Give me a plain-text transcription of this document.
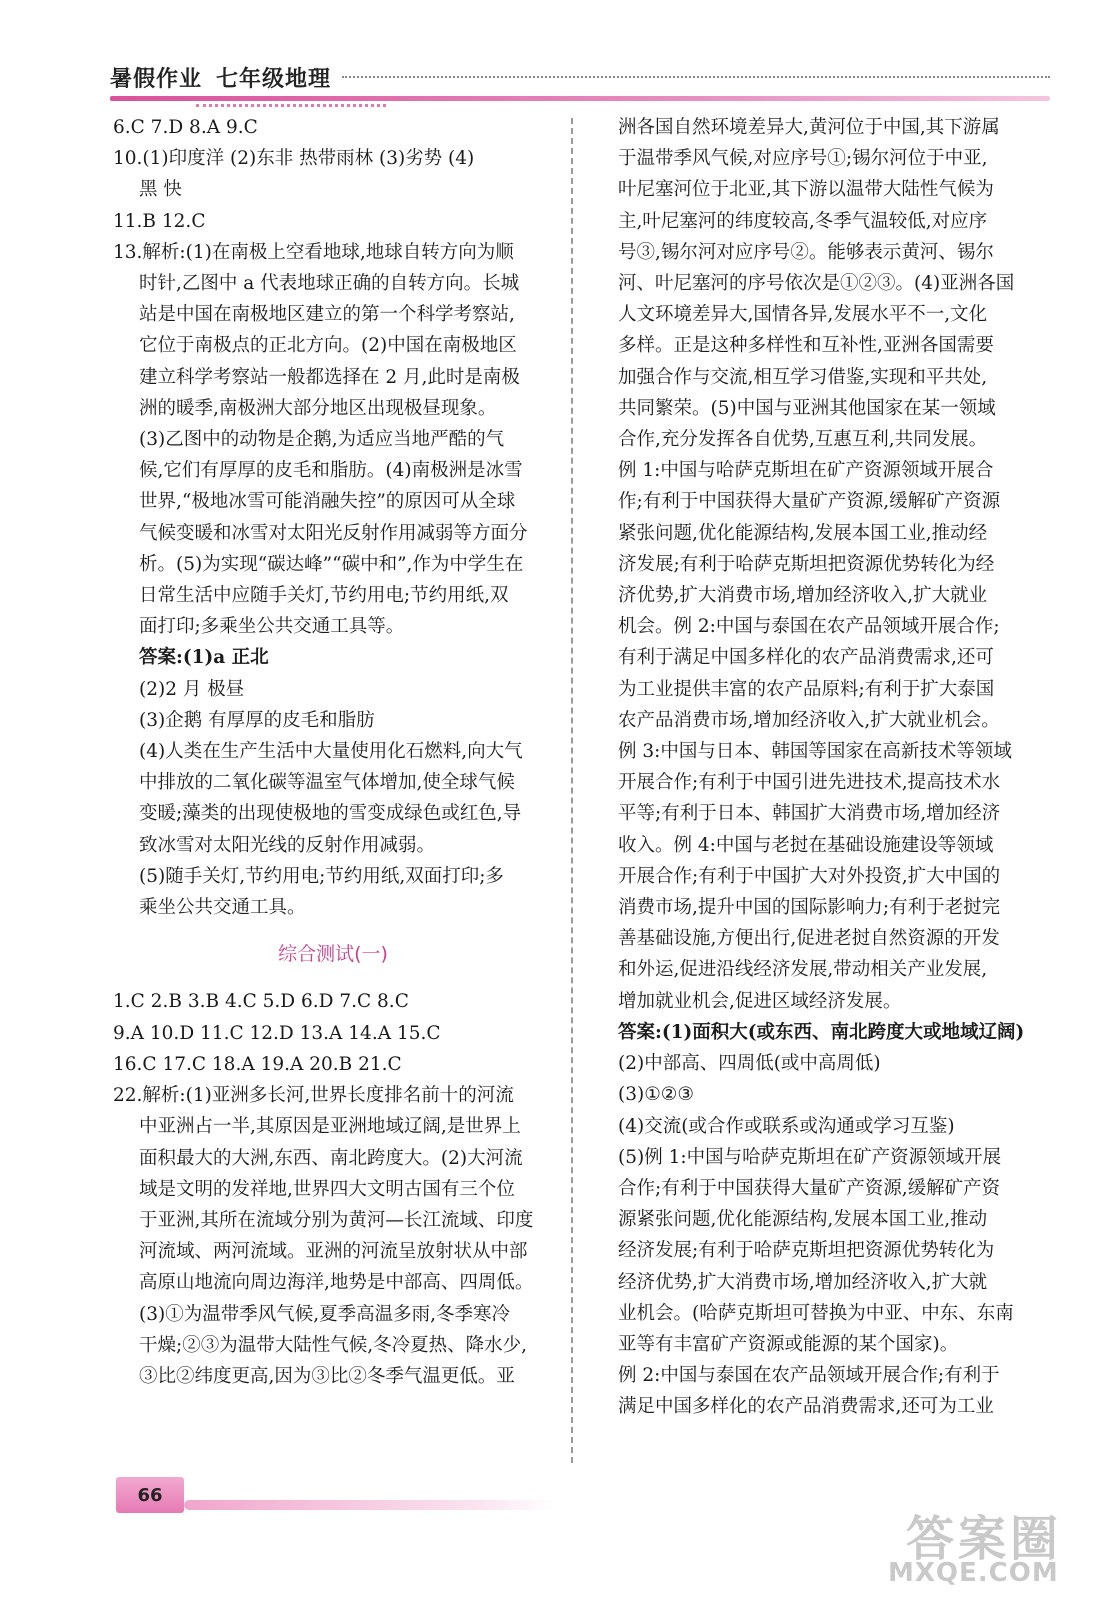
暑假作业 七年级地理
6.C 7.D 8.A 9.C
10.(1)印度洋 (2)东非 热带雨林 (3)劣势 (4)
黑 快
11.B 12.C
13.解析:(1)在南极上空看地球,地球自转方向为顺
时针,乙图中 a 代表地球正确的自转方向。长城
站是中国在南极地区建立的第一个科学考察站,
它位于南极点的正北方向。(2)中国在南极地区
建立科学考察站一般都选择在 2 月,此时是南极
洲的暖季,南极洲大部分地区出现极昼现象。
(3)乙图中的动物是企鹅,为适应当地严酷的气
候,它们有厚厚的皮毛和脂肪。(4)南极洲是冰雪
世界,“极地冰雪可能消融失控”的原因可从全球
气候变暖和冰雪对太阳光反射作用减弱等方面分
析。(5)为实现“碳达峰”“碳中和”,作为中学生在
日常生活中应随手关灯,节约用电;节约用纸,双
面打印;多乘坐公共交通工具等。
答案:(1)a 正北
(2)2 月 极昼
(3)企鹅 有厚厚的皮毛和脂肪
(4)人类在生产生活中大量使用化石燃料,向大气
中排放的二氧化碳等温室气体增加,使全球气候
变暖;藻类的出现使极地的雪变成绿色或红色,导
致冰雪对太阳光线的反射作用减弱。
(5)随手关灯,节约用电;节约用纸,双面打印;多
乘坐公共交通工具。
综合测试(一)
1.C 2.B 3.B 4.C 5.D 6.D 7.C 8.C
9.A 10.D 11.C 12.D 13.A 14.A 15.C
16.C 17.C 18.A 19.A 20.B 21.C
22.解析:(1)亚洲多长河,世界长度排名前十的河流
中亚洲占一半,其原因是亚洲地域辽阔,是世界上
面积最大的大洲,东西、南北跨度大。(2)大河流
域是文明的发祥地,世界四大文明古国有三个位
于亚洲,其所在流域分别为黄河—长江流域、印度
河流域、两河流域。亚洲的河流呈放射状从中部
高原山地流向周边海洋,地势是中部高、四周低。
(3)①为温带季风气候,夏季高温多雨,冬季寒冷
干燥;②③为温带大陆性气候,冬冷夏热、降水少,
③比②纬度更高,因为③比②冬季气温更低。亚
洲各国自然环境差异大,黄河位于中国,其下游属
于温带季风气候,对应序号①;锡尔河位于中亚,
叶尼塞河位于北亚,其下游以温带大陆性气候为
主,叶尼塞河的纬度较高,冬季气温较低,对应序
号③,锡尔河对应序号②。能够表示黄河、锡尔
河、叶尼塞河的序号依次是①②③。(4)亚洲各国
人文环境差异大,国情各异,发展水平不一,文化
多样。正是这种多样性和互补性,亚洲各国需要
加强合作与交流,相互学习借鉴,实现和平共处,
共同繁荣。(5)中国与亚洲其他国家在某一领域
合作,充分发挥各自优势,互惠互利,共同发展。
例 1:中国与哈萨克斯坦在矿产资源领域开展合
作;有利于中国获得大量矿产资源,缓解矿产资源
紧张问题,优化能源结构,发展本国工业,推动经
济发展;有利于哈萨克斯坦把资源优势转化为经
济优势,扩大消费市场,增加经济收入,扩大就业
机会。例 2:中国与泰国在农产品领域开展合作;
有利于满足中国多样化的农产品消费需求,还可
为工业提供丰富的农产品原料;有利于扩大泰国
农产品消费市场,增加经济收入,扩大就业机会。
例 3:中国与日本、韩国等国家在高新技术等领域
开展合作;有利于中国引进先进技术,提高技术水
平等;有利于日本、韩国扩大消费市场,增加经济
收入。例 4:中国与老挝在基础设施建设等领域
开展合作;有利于中国扩大对外投资,扩大中国的
消费市场,提升中国的国际影响力;有利于老挝完
善基础设施,方便出行,促进老挝自然资源的开发
和外运,促进沿线经济发展,带动相关产业发展,
增加就业机会,促进区域经济发展。
答案:(1)面积大(或东西、南北跨度大或地域辽阔)
(2)中部高、四周低(或中高周低)
(3)①②③
(4)交流(或合作或联系或沟通或学习互鉴)
(5)例 1:中国与哈萨克斯坦在矿产资源领域开展
合作;有利于中国获得大量矿产资源,缓解矿产资
源紧张问题,优化能源结构,发展本国工业,推动
经济发展;有利于哈萨克斯坦把资源优势转化为
经济优势,扩大消费市场,增加经济收入,扩大就
业机会。(哈萨克斯坦可替换为中亚、中东、东南
亚等有丰富矿产资源或能源的某个国家)。
例 2:中国与泰国在农产品领域开展合作;有利于
满足中国多样化的农产品消费需求,还可为工业
66
答案圈
MXQE.COM
